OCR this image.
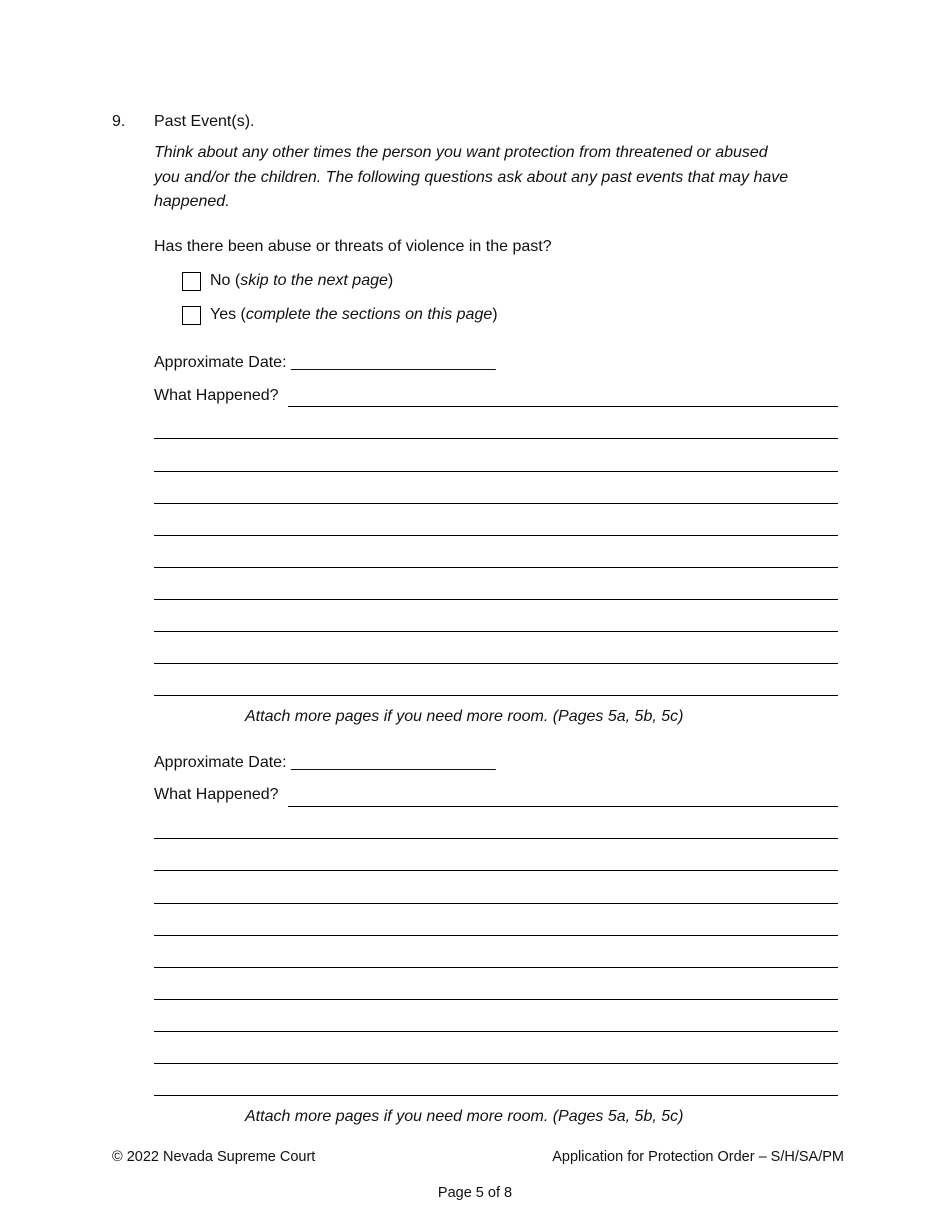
9. Past Event(s).
Think about any other times the person you want protection from threatened or abused
you and/or the children. The following questions ask about any past events that may have
happened.
Has there been abuse or threats of violence in the past?
No (skip to the next page)
Yes (complete the sections on this page)
Approximate Date: _______________________
What Happened?
Attach more pages if you need more room. (Pages 5a, 5b, 5c)
Approximate Date: _______________________
What Happened?
Attach more pages if you need more room. (Pages 5a, 5b, 5c)
© 2022 Nevada Supreme Court	Application for Protection Order – S/H/SA/PM
Page 5 of 8
